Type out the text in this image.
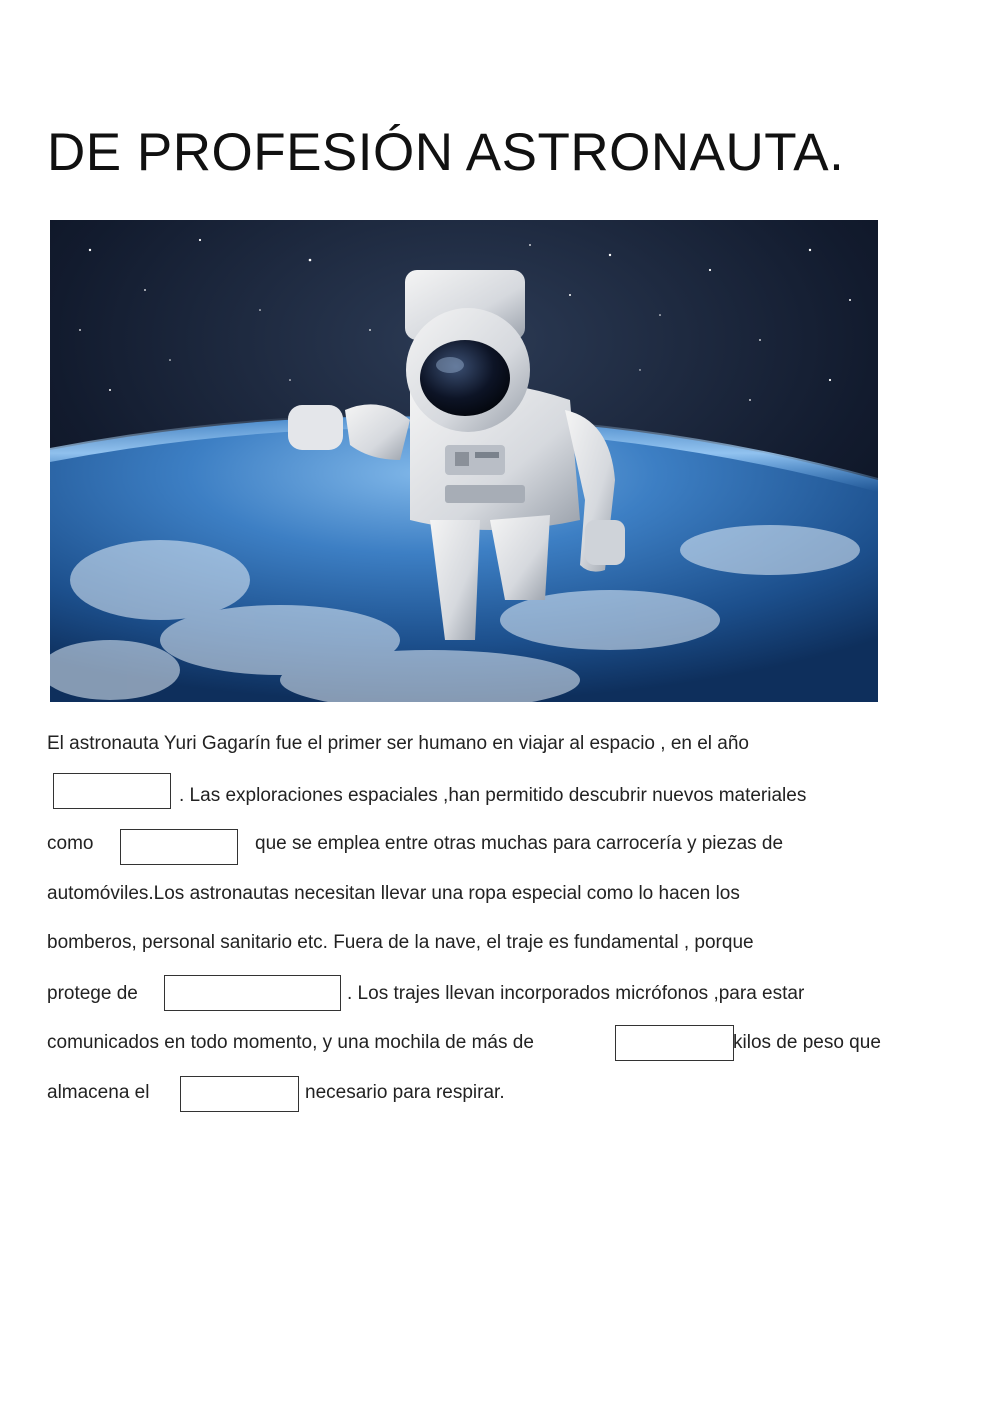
DE PROFESIÓN ASTRONAUTA.
El astronauta Yuri Gagarín fue el primer ser humano en viajar al espacio , en el año
. Las exploraciones espaciales ,han permitido descubrir nuevos materiales
como	que se emplea entre otras muchas para carrocería y piezas de
automóviles.Los astronautas necesitan llevar una ropa especial como lo hacen los
bomberos, personal sanitario etc. Fuera de la nave, el traje es fundamental , porque
protege de	. Los trajes llevan incorporados micrófonos ,para estar
comunicados en todo momento, y una mochila de más de	kilos de peso que
almacena el	necesario para respirar.
